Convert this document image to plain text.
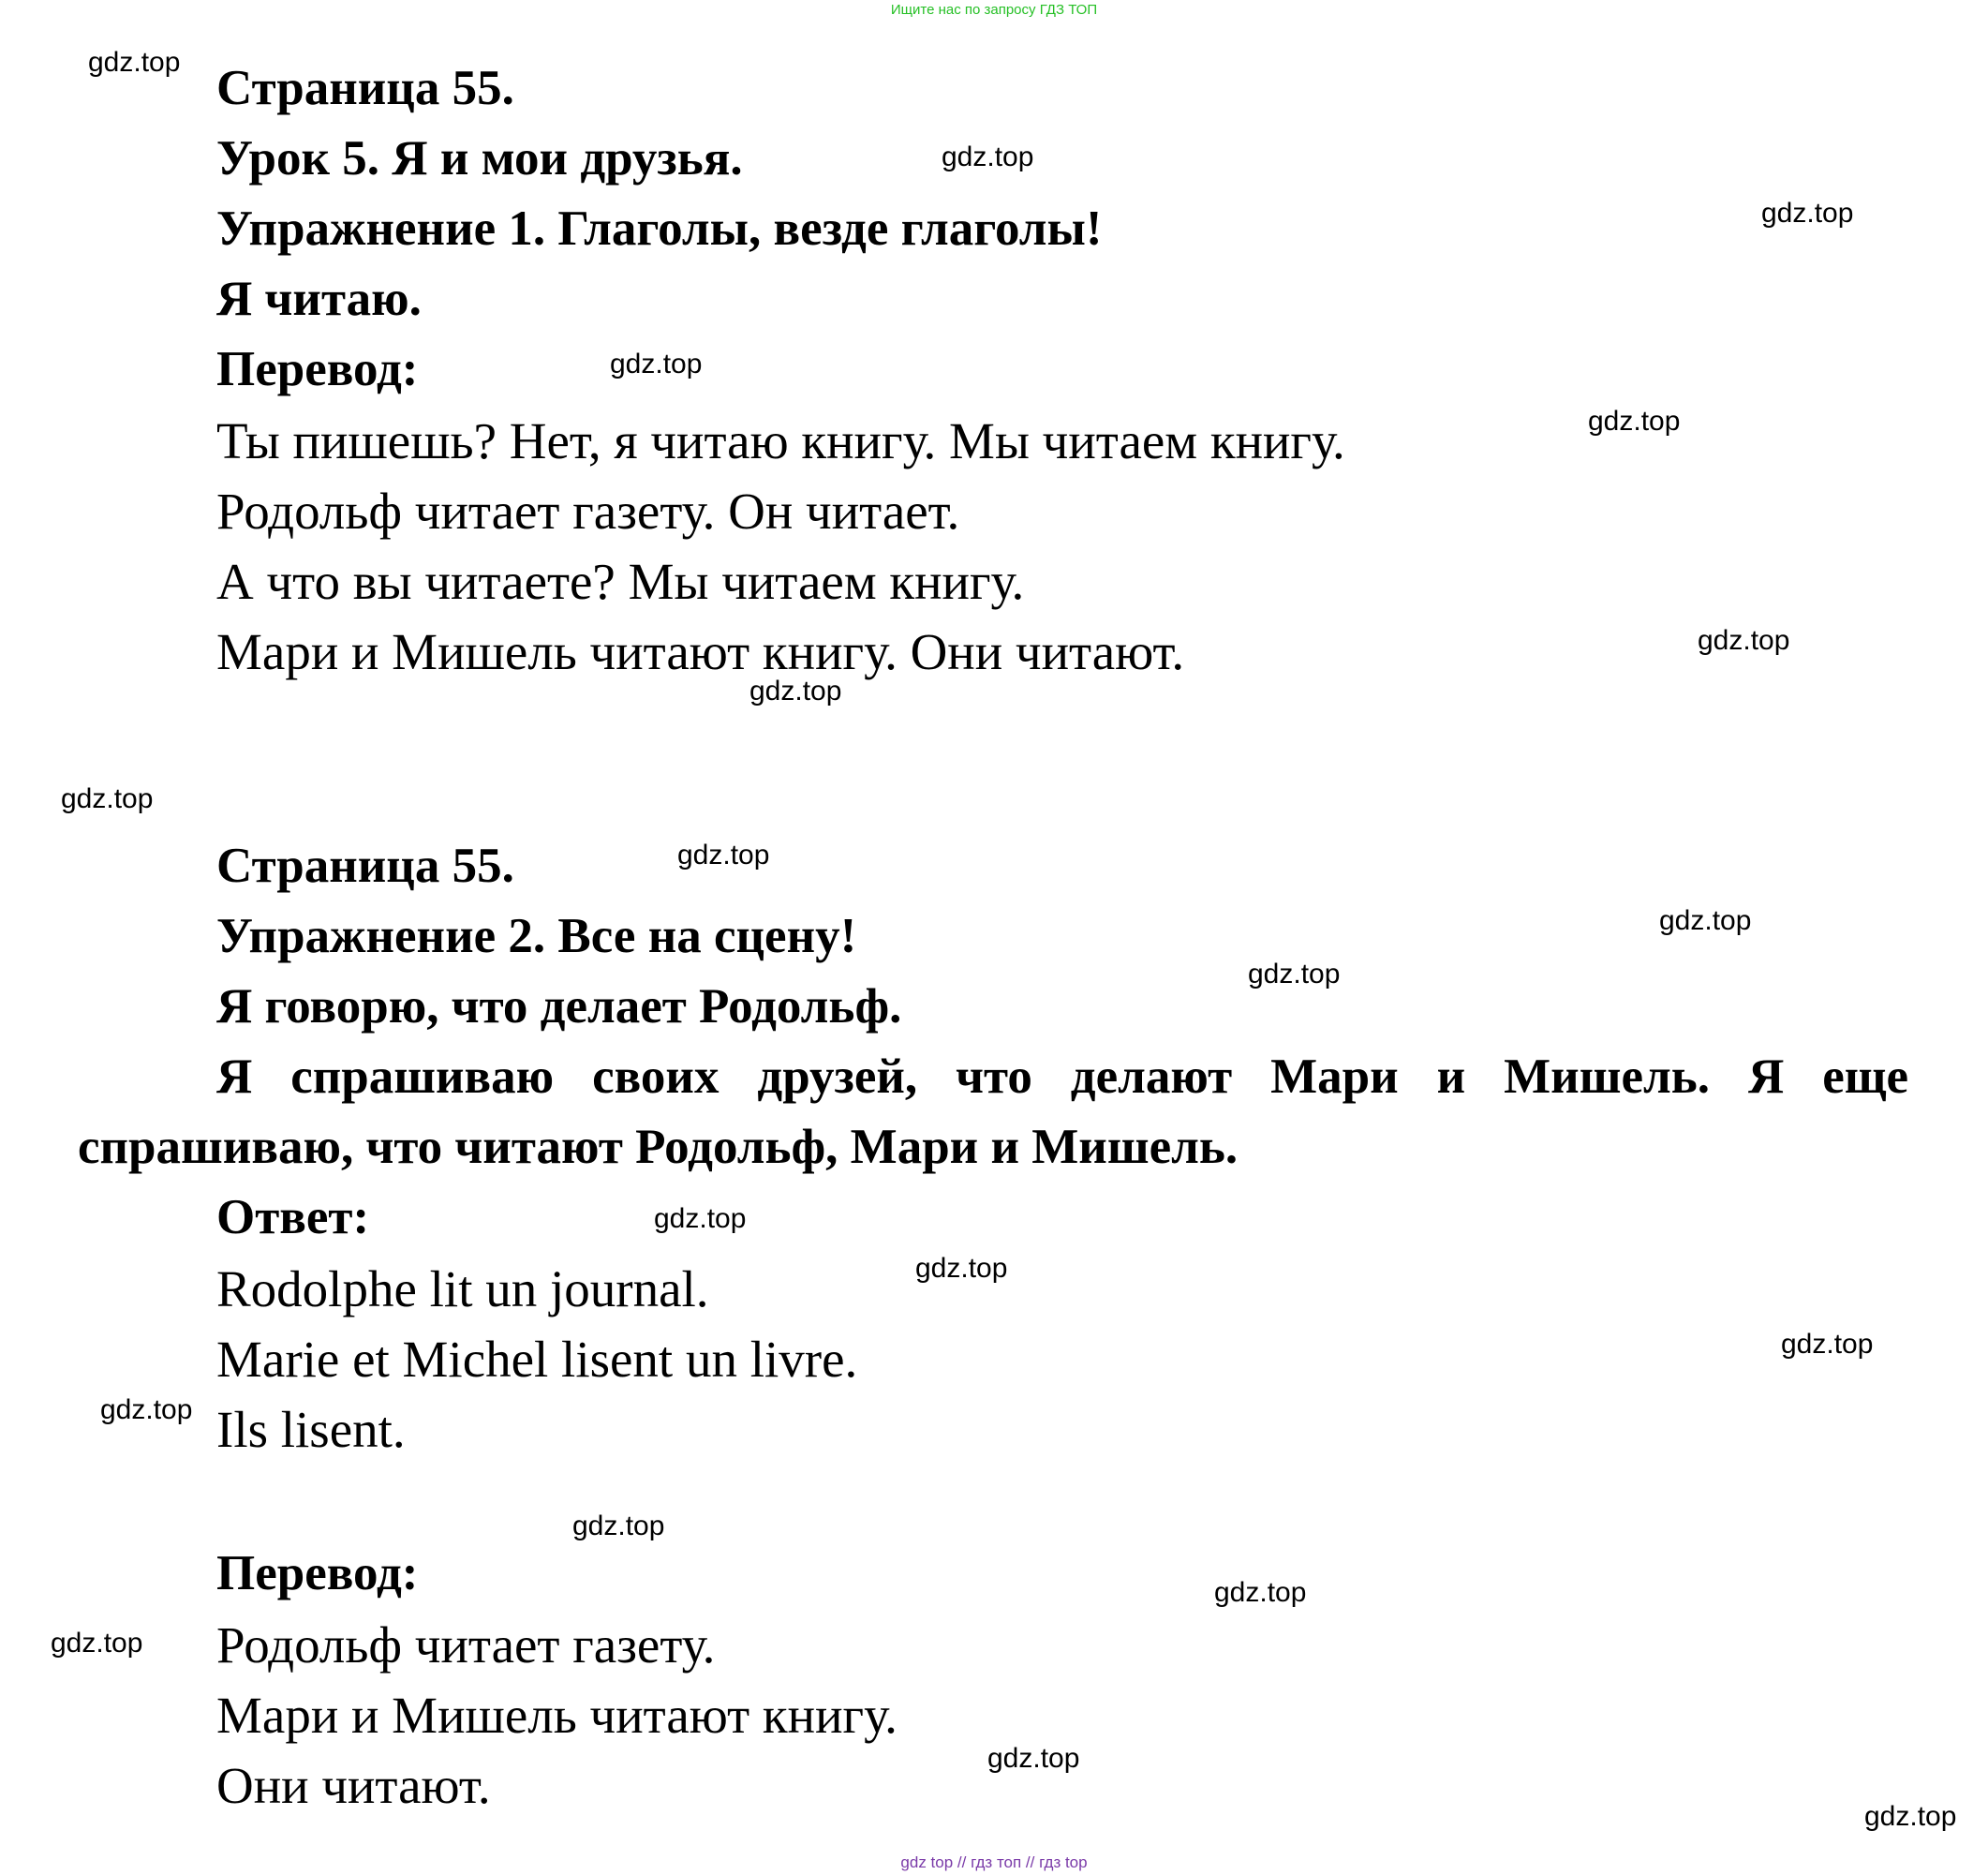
Ищите нас по запросу ГДЗ ТОП
Страница 55.
Урок 5. Я и мои друзья.
Упражнение 1. Глаголы, везде глаголы!
Я читаю.
Перевод:
Ты пишешь? Нет, я читаю книгу. Мы читаем книгу.
Родольф читает газету. Он читает.
А что вы читаете? Мы читаем книгу.
Мари и Мишель читают книгу. Они читают.
Страница 55.
Упражнение 2. Все на сцену!
Я говорю, что делает Родольф.
Я спрашиваю своих друзей, что делают Мари и Мишель. Я еще
спрашиваю, что читают Родольф, Мари и Мишель.
Ответ:
Rodolphe lit un journal.
Marie et Michel lisent un livre.
Ils lisent.
Перевод:
Родольф читает газету.
Мари и Мишель читают книгу.
Они читают.
gdz.top
gdz.top
gdz.top
gdz.top
gdz.top
gdz.top
gdz.top
gdz.top
gdz.top
gdz.top
gdz.top
gdz.top
gdz.top
gdz.top
gdz.top
gdz.top
gdz.top
gdz.top
gdz.top
gdz.top
gdz top // гдз топ // гдз top
